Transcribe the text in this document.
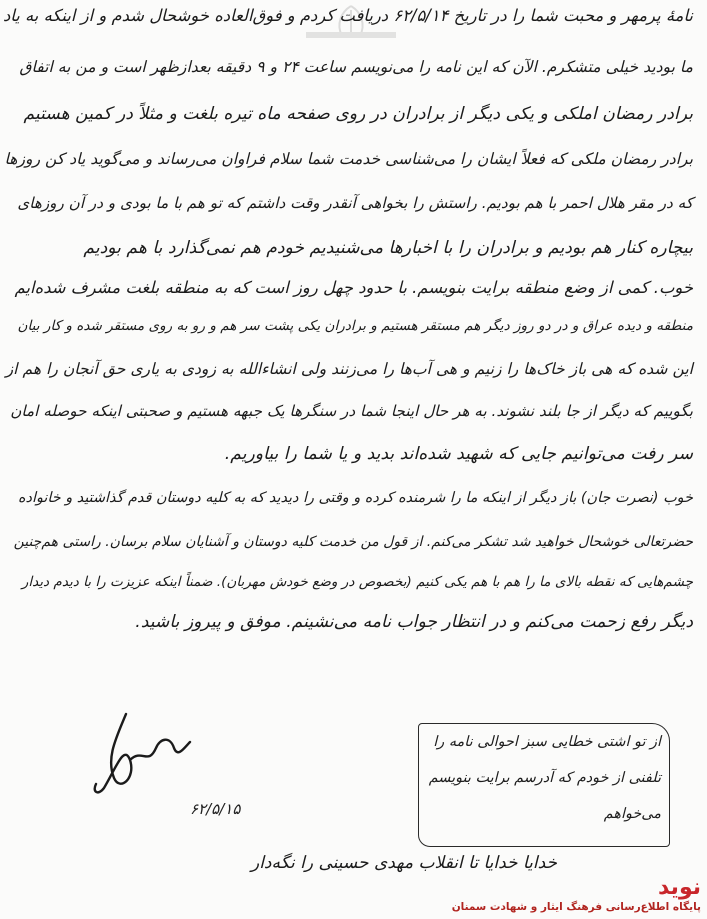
نامهٔ پرمهر و محبت شما را در تاریخ ۶۲/۵/۱۴ دریافت کردم و فوق‌العاده خوشحال شدم و از اینکه به یاد
ما بودید خیلی متشکرم. الآن که این نامه را می‌نویسم ساعت ۲۴ و ۹ دقیقه بعدازظهر است و من به اتفاق
برادر رمضان املکی و یکی دیگر از برادران در روی صفحه ماه تیره بلغت و مثلاً در کمین هستیم
برادر رمضان ملکی که فعلاً ایشان را می‌شناسی خدمت شما سلام فراوان می‌رساند و می‌گوید یاد کن روزها
که در مقر هلال احمر با هم بودیم. راستش را بخواهی آنقدر وقت داشتم که تو هم با ما بودی و در آن روزهای
بیچاره کنار هم بودیم و برادران را با اخبارها می‌شنیدیم خودم هم نمی‌گذارد با هم بودیم
خوب. کمی از وضع منطقه برایت بنویسم. با حدود چهل روز است که به منطقه بلغت مشرف شده‌ایم
منطقه و دیده عراق و در دو روز دیگر هم مستقر هستیم و برادران یکی پشت سر هم و رو به روی مستقر شده و کار بیان
این شده که هی باز خاک‌ها را زنیم و هی آب‌ها را می‌زنند ولی انشاء‌الله به زودی به یاری حق آنجان را هم از
بگوییم که دیگر از جا بلند نشوند. به هر حال اینجا شما در سنگرها یک جبهه هستیم و صحبتی اینکه حوصله امان
سر رفت می‌توانیم جایی که شهید شده‌اند بدید و یا شما را بیاوریم.
خوب (نصرت جان) باز دیگر از اینکه ما را شرمنده کرده و وقتی را دیدید که به کلیه دوستان قدم گذاشتید و خانواده
حضرتعالی خوشحال خواهید شد تشکر می‌کنم. از قول من خدمت کلیه دوستان و آشنایان سلام برسان. راستی هم‌چنین
چشم‌هایی که نقطه بالای ما را هم با هم یکی کنیم (بخصوص در وضع خودش مهربان). ضمناً اینکه عزیزت را با دیدم دیدار
دیگر رفع زحمت می‌کنم و در انتظار جواب نامه می‌نشینم. موفق و پیروز باشید.
از تو اشتی خطایی سبز احوالی نامه را
تلفنی از خودم که آدرسم برایت بنویسم
می‌خواهم
۶۲/۵/۱۵
خدایا خدایا تا انقلاب مهدی حسینی را نگه‌دار
نوید
پایگاه اطلاع‌رسانی فرهنگ ایثار و شهادت سمنان
